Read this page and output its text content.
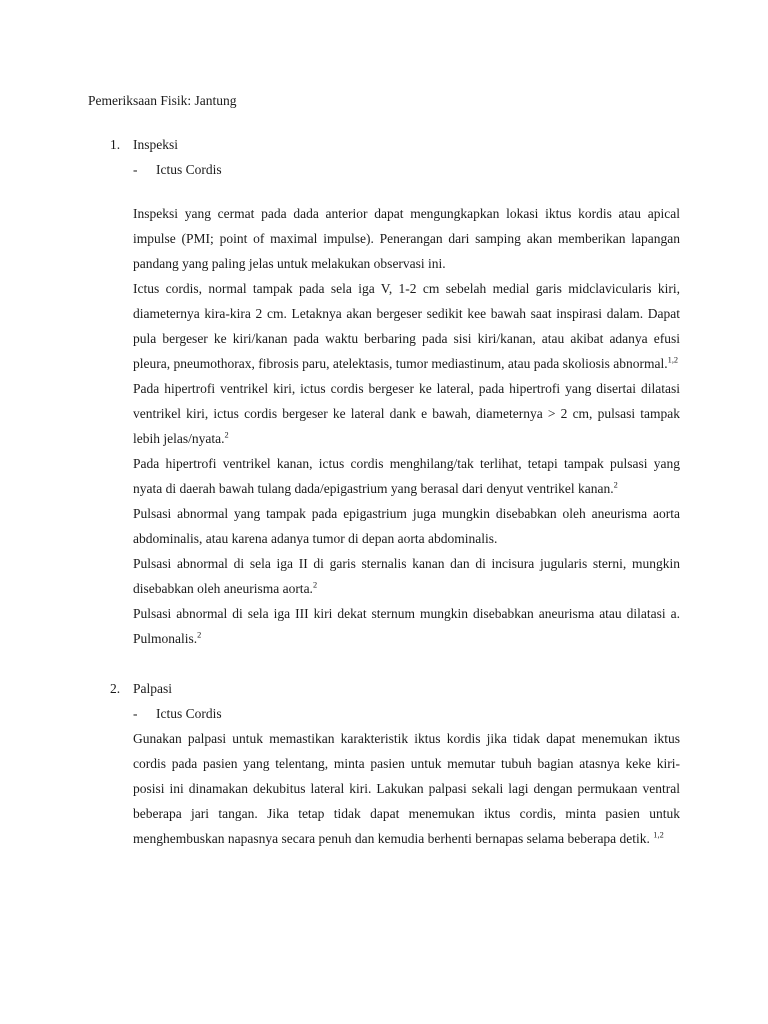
Pemeriksaan Fisik: Jantung
1. Inspeksi
- Ictus Cordis

Inspeksi yang cermat pada dada anterior dapat mengungkapkan lokasi iktus kordis atau apical impulse (PMI; point of maximal impulse). Penerangan dari samping akan memberikan lapangan pandang yang paling jelas untuk melakukan observasi ini.

Ictus cordis, normal tampak pada sela iga V, 1-2 cm sebelah medial garis midclavicularis kiri, diameternya kira-kira 2 cm. Letaknya akan bergeser sedikit kee bawah saat inspirasi dalam. Dapat pula bergeser ke kiri/kanan pada waktu berbaring pada sisi kiri/kanan, atau akibat adanya efusi pleura, pneumothorax, fibrosis paru, atelektasis, tumor mediastinum, atau pada skoliosis abnormal.$^{1,2}$

Pada hipertrofi ventrikel kiri, ictus cordis bergeser ke lateral, pada hipertrofi yang disertai dilatasi ventrikel kiri, ictus cordis bergeser ke lateral dank e bawah, diameternya > 2 cm, pulsasi tampak lebih jelas/nyata.$^2$

Pada hipertrofi ventrikel kanan, ictus cordis menghilang/tak terlihat, tetapi tampak pulsasi yang nyata di daerah bawah tulang dada/epigastrium yang berasal dari denyut ventrikel kanan.$^2$

Pulsasi abnormal yang tampak pada epigastrium juga mungkin disebabkan oleh aneurisma aorta abdominalis, atau karena adanya tumor di depan aorta abdominalis.

Pulsasi abnormal di sela iga II di garis sternalis kanan dan di incisura jugularis sterni, mungkin disebabkan oleh aneurisma aorta.$^2$

Pulsasi abnormal di sela iga III kiri dekat sternum mungkin disebabkan aneurisma atau dilatasi a. Pulmonalis.$^2$

2. Palpasi
- Ictus Cordis

Gunakan palpasi untuk memastikan karakteristik iktus kordis jika tidak dapat menemukan iktus cordis pada pasien yang telentang, minta pasien untuk memutar tubuh bagian atasnya keke kiri-posisi ini dinamakan dekubitus lateral kiri. Lakukan palpasi sekali lagi dengan permukaan ventral beberapa jari tangan. Jika tetap tidak dapat menemukan iktus cordis, minta pasien untuk menghembuskan napasnya secara penuh dan kemudia berhenti bernapas selama beberapa detik. $^{1,2}$
